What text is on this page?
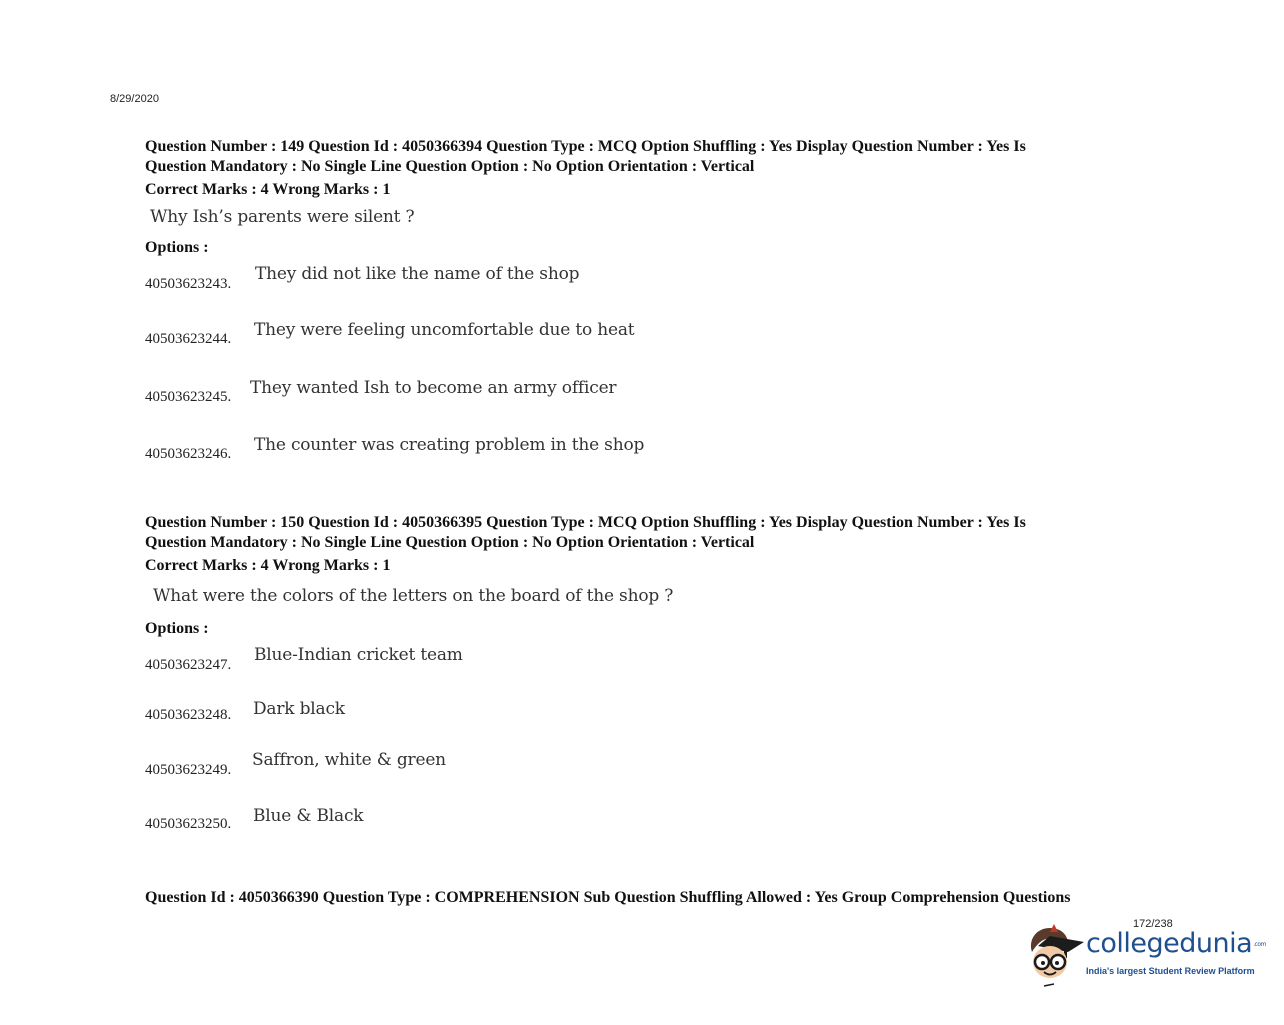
8/29/2020
Question Number : 149 Question Id : 4050366394 Question Type : MCQ Option Shuffling : Yes Display Question Number : Yes Is
Question Mandatory : No Single Line Question Option : No Option Orientation : Vertical
Correct Marks : 4 Wrong Marks : 1
Why Ish’s parents were silent ?
Options :
40503623243. They did not like the name of the shop
40503623244. They were feeling uncomfortable due to heat
40503623245. They wanted Ish to become an army officer
40503623246. The counter was creating problem in the shop
Question Number : 150 Question Id : 4050366395 Question Type : MCQ Option Shuffling : Yes Display Question Number : Yes Is
Question Mandatory : No Single Line Question Option : No Option Orientation : Vertical
Correct Marks : 4 Wrong Marks : 1
What were the colors of the letters on the board of the shop ?
Options :
40503623247. Blue-Indian cricket team
40503623248. Dark black
40503623249. Saffron, white & green
40503623250. Blue & Black
Question Id : 4050366390 Question Type : COMPREHENSION Sub Question Shuffling Allowed : Yes Group Comprehension Questions
172/238
collegedunia.com
India's largest Student Review Platform
